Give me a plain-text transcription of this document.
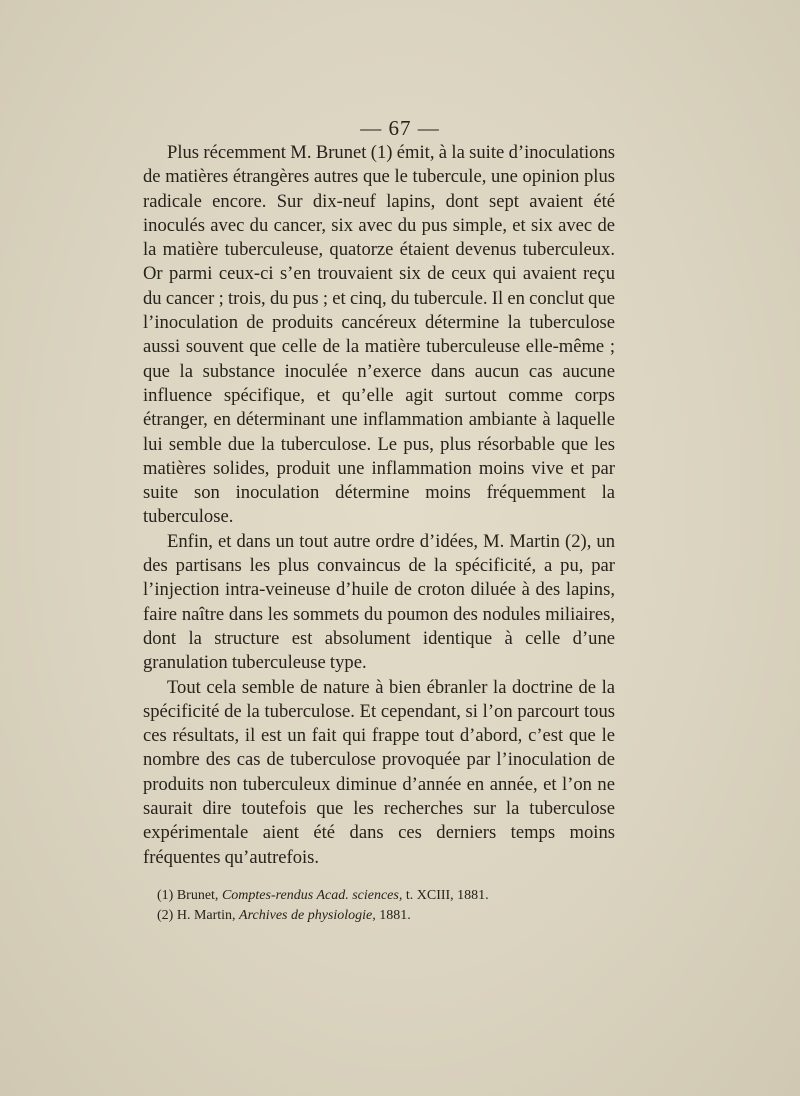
— 67 —

Plus récemment M. Brunet (1) émit, à la suite d’inoculations de matières étrangères autres que le tubercule, une opinion plus radicale encore. Sur dix-neuf lapins, dont sept avaient été inoculés avec du cancer, six avec du pus simple, et six avec de la matière tuberculeuse, quatorze étaient devenus tuberculeux. Or parmi ceux-ci s’en trouvaient six de ceux qui avaient reçu du cancer ; trois, du pus ; et cinq, du tubercule. Il en conclut que l’inoculation de produits cancéreux détermine la tuberculose aussi souvent que celle de la matière tuberculeuse elle-même ; que la substance inoculée n’exerce dans aucun cas aucune influence spécifique, et qu’elle agit surtout comme corps étranger, en déterminant une inflammation ambiante à laquelle lui semble due la tuberculose. Le pus, plus résorbable que les matières solides, produit une inflammation moins vive et par suite son inoculation détermine moins fréquemment la tuberculose.

Enfin, et dans un tout autre ordre d’idées, M. Martin (2), un des partisans les plus convaincus de la spécificité, a pu, par l’injection intra-veineuse d’huile de croton diluée à des lapins, faire naître dans les sommets du poumon des nodules miliaires, dont la structure est absolument identique à celle d’une granulation tuberculeuse type.

Tout cela semble de nature à bien ébranler la doctrine de la spécificité de la tuberculose. Et cependant, si l’on parcourt tous ces résultats, il est un fait qui frappe tout d’abord, c’est que le nombre des cas de tuberculose provoquée par l’inoculation de produits non tuberculeux diminue d’année en année, et l’on ne saurait dire toutefois que les recherches sur la tuberculose expérimentale aient été dans ces derniers temps moins fréquentes qu’autrefois.

(1) Brunet, Comptes-rendus Acad. sciences, t. XCIII, 1881.

(2) H. Martin, Archives de physiologie, 1881.
